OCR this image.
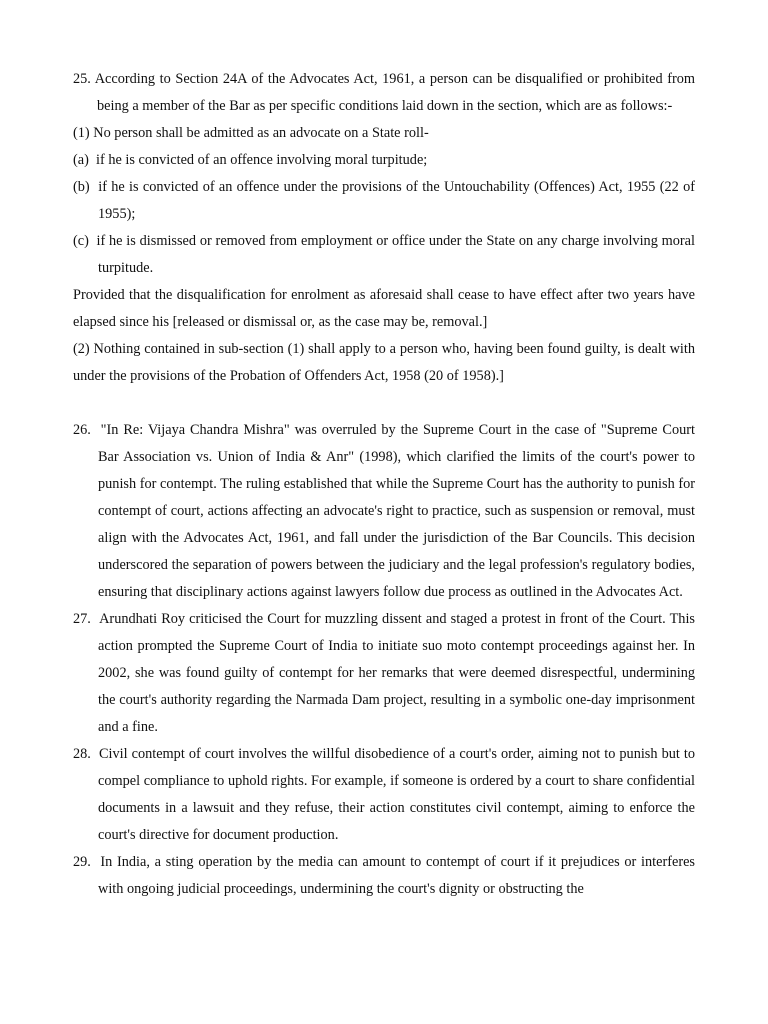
25. According to Section 24A of the Advocates Act, 1961, a person can be disqualified or prohibited from being a member of the Bar as per specific conditions laid down in the section, which are as follows:-
(1) No person shall be admitted as an advocate on a State roll-
(a)  if he is convicted of an offence involving moral turpitude;
(b)  if he is convicted of an offence under the provisions of the Untouchability (Offences) Act, 1955 (22 of 1955);
(c)  if he is dismissed or removed from employment or office under the State on any charge involving moral turpitude.
Provided that the disqualification for enrolment as aforesaid shall cease to have effect after two years have elapsed since his [released or dismissal or, as the case may be, removal.]
(2) Nothing contained in sub-section (1) shall apply to a person who, having been found guilty, is dealt with under the provisions of the Probation of Offenders Act, 1958 (20 of 1958).]
26.  "In Re: Vijaya Chandra Mishra" was overruled by the Supreme Court in the case of "Supreme Court Bar Association vs. Union of India & Anr" (1998), which clarified the limits of the court's power to punish for contempt. The ruling established that while the Supreme Court has the authority to punish for contempt of court, actions affecting an advocate's right to practice, such as suspension or removal, must align with the Advocates Act, 1961, and fall under the jurisdiction of the Bar Councils. This decision underscored the separation of powers between the judiciary and the legal profession's regulatory bodies, ensuring that disciplinary actions against lawyers follow due process as outlined in the Advocates Act.
27.  Arundhati Roy criticised the Court for muzzling dissent and staged a protest in front of the Court. This action prompted the Supreme Court of India to initiate suo moto contempt proceedings against her. In 2002, she was found guilty of contempt for her remarks that were deemed disrespectful, undermining the court's authority regarding the Narmada Dam project, resulting in a symbolic one-day imprisonment and a fine.
28.  Civil contempt of court involves the willful disobedience of a court's order, aiming not to punish but to compel compliance to uphold rights. For example, if someone is ordered by a court to share confidential documents in a lawsuit and they refuse, their action constitutes civil contempt, aiming to enforce the court's directive for document production.
29.  In India, a sting operation by the media can amount to contempt of court if it prejudices or interferes with ongoing judicial proceedings, undermining the court's dignity or obstructing the
